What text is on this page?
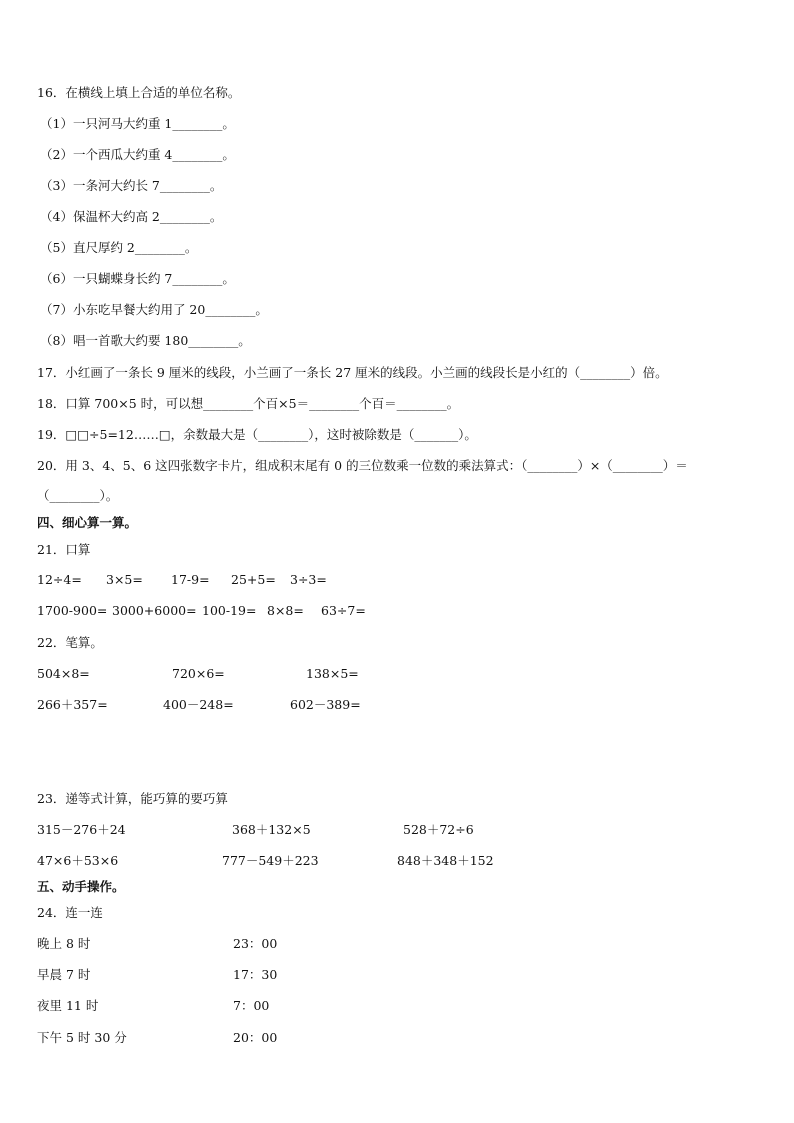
16．在横线上填上合适的单位名称。
（1）一只河马大约重 1________。
（2）一个西瓜大约重 4________。
（3）一条河大约长 7________。
（4）保温杯大约高 2________。
（5）直尺厚约 2________。
（6）一只蝴蝶身长约 7________。
（7）小东吃早餐大约用了 20________。
（8）唱一首歌大约要 180________。
17．小红画了一条长 9 厘米的线段，小兰画了一条长 27 厘米的线段。小兰画的线段长是小红的（________）倍。
18．口算 700×5 时，可以想________个百×5＝________个百＝________。
19．□□÷5=12……□，余数最大是（________），这时被除数是（_______）。
20．用 3、4、5、6 这四张数字卡片，组成积末尾有 0 的三位数乘一位数的乘法算式：（________）×（________）＝
（________）。
四、细心算一算。
21．口算
12÷4= 3×5= 17-9= 25+5= 3÷3=
1700-900= 3000+6000= 100-19= 8×8= 63÷7=
22．笔算。
504×8=	720×6=	138×5=
266＋357=	400－248=	602－389=
23．递等式计算，能巧算的要巧算
315－276＋24	368＋132×5	528＋72÷6
47×6＋53×6	777－549＋223	848＋348＋152
五、动手操作。
24．连一连
晚上 8 时	23：00
早晨 7 时	17：30
夜里 11 时	7：00
下午 5 时 30 分	20：00
